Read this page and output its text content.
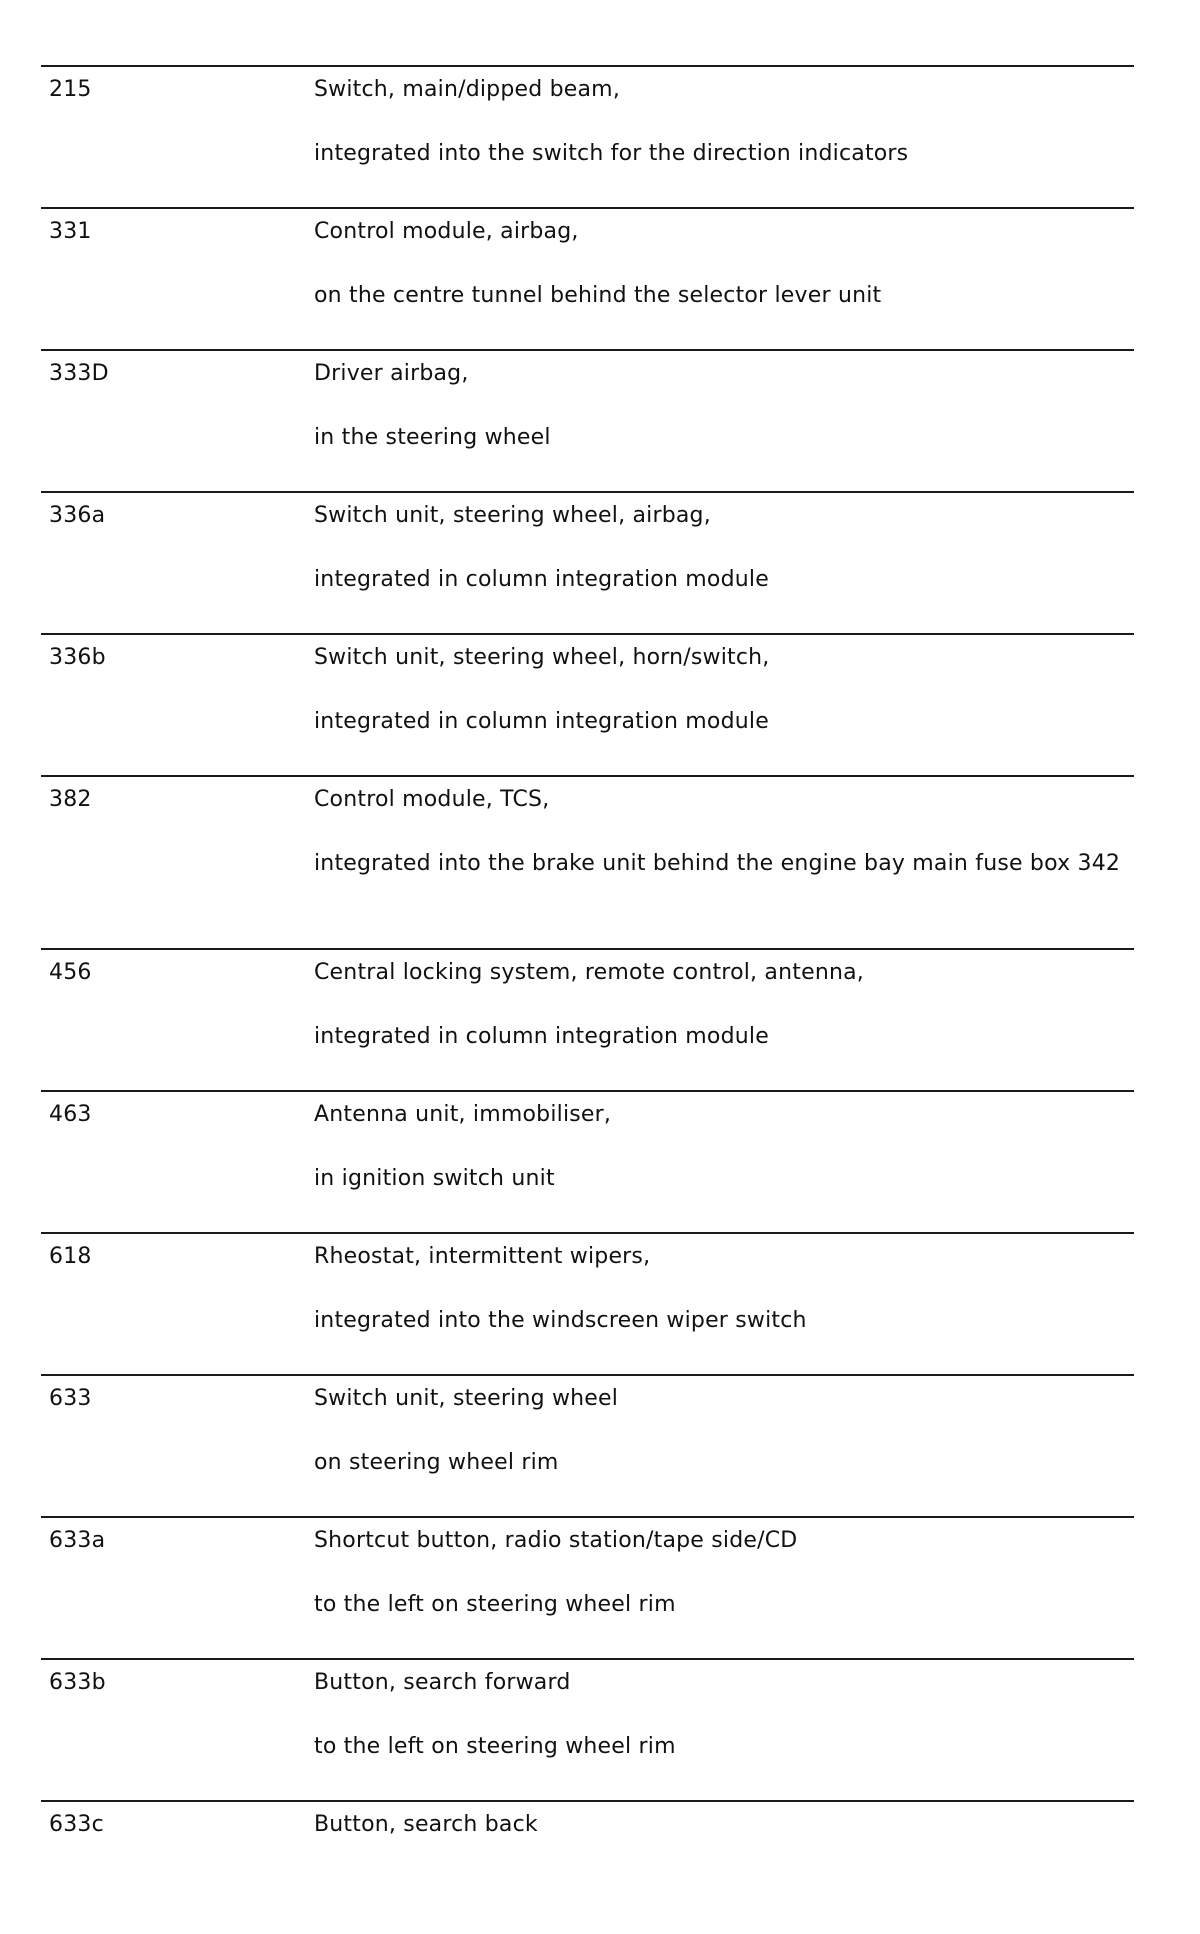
215	Switch, main/dipped beam,
integrated into the switch for the direction indicators
331	Control module, airbag,
on the centre tunnel behind the selector lever unit
333D	Driver airbag,
in the steering wheel
336a	Switch unit, steering wheel, airbag,
integrated in column integration module
336b	Switch unit, steering wheel, horn/switch,
integrated in column integration module
382	Control module, TCS,
integrated into the brake unit behind the engine bay main fuse box 342
456	Central locking system, remote control, antenna,
integrated in column integration module
463	Antenna unit, immobiliser,
in ignition switch unit
618	Rheostat, intermittent wipers,
integrated into the windscreen wiper switch
633	Switch unit, steering wheel
on steering wheel rim
633a	Shortcut button, radio station/tape side/CD
to the left on steering wheel rim
633b	Button, search forward
to the left on steering wheel rim
633c	Button, search back
